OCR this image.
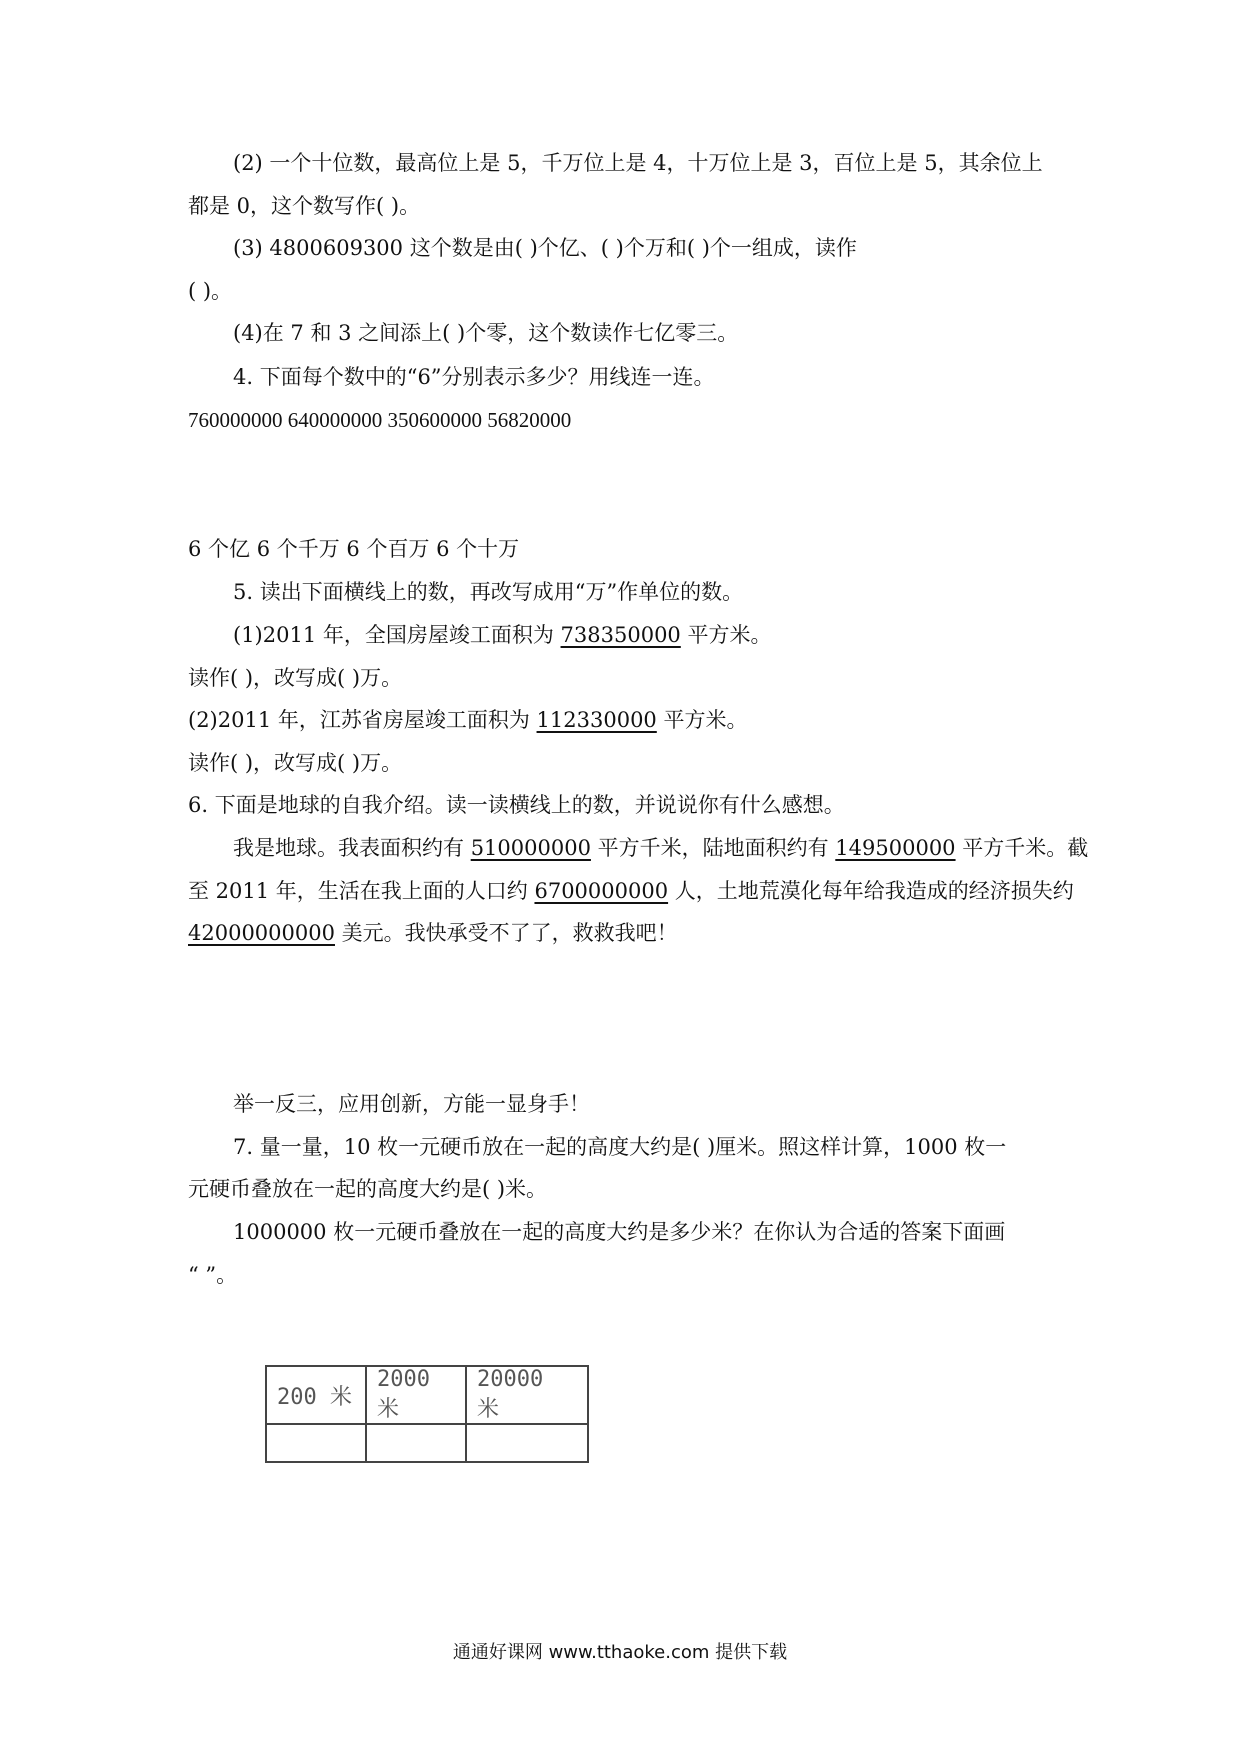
(2) 一个十位数，最高位上是 5，千万位上是 4，十万位上是 3，百位上是 5，其余位上
都是 0，这个数写作( )。
(3) 4800609300 这个数是由( )个亿、( )个万和( )个一组成，读作
( )。
(4)在 7 和 3 之间添上( )个零，这个数读作七亿零三。
4. 下面每个数中的“6”分别表示多少？用线连一连。
760000000 640000000 350600000 56820000
6 个亿 6 个千万 6 个百万 6 个十万
5. 读出下面横线上的数，再改写成用“万”作单位的数。
(1)2011 年，全国房屋竣工面积为 738350000 平方米。
读作( )，改写成( )万。
(2)2011 年，江苏省房屋竣工面积为 112330000 平方米。
读作( )，改写成( )万。
6. 下面是地球的自我介绍。读一读横线上的数，并说说你有什么感想。
我是地球。我表面积约有 510000000 平方千米，陆地面积约有 149500000 平方千米。截
至 2011 年，生活在我上面的人口约 6700000000 人，土地荒漠化每年给我造成的经济损失约
42000000000 美元。我快承受不了了，救救我吧！
举一反三，应用创新，方能一显身手！
7. 量一量，10 枚一元硬币放在一起的高度大约是( )厘米。照这样计算，1000 枚一
元硬币叠放在一起的高度大约是( )米。
1000000 枚一元硬币叠放在一起的高度大约是多少米？在你认为合适的答案下面画
“ ”。
200 米	2000 米	20000 米

通通好课网 www.tthaoke.com 提供下载
